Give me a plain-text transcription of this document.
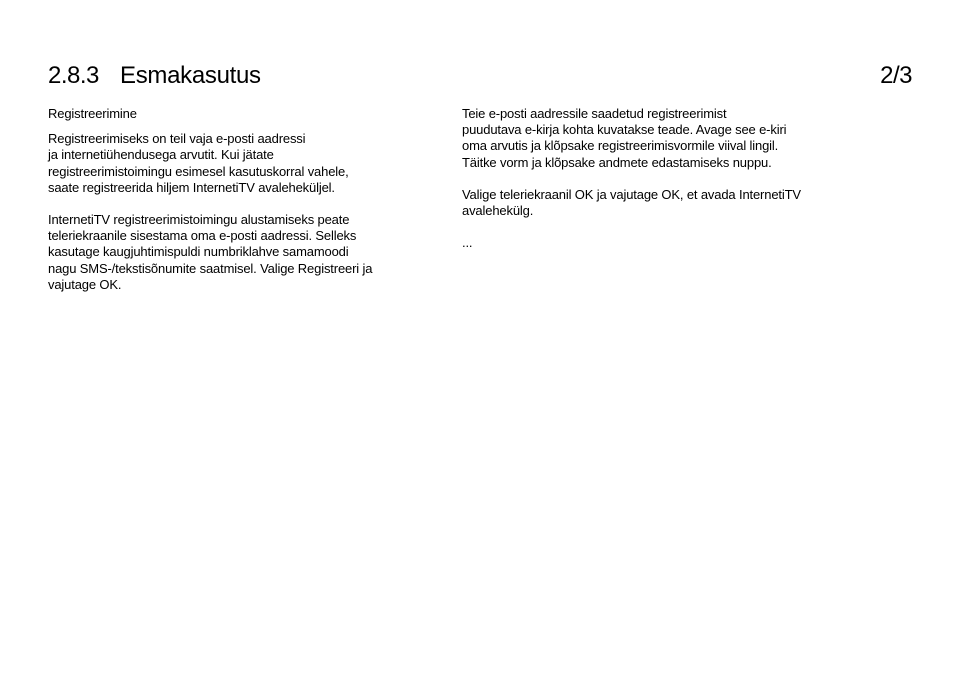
2.8.3 Esmakasutus	2/3

Registreerimine

Registreerimiseks on teil vaja e-posti aadressi
ja internetiühendusega arvutit. Kui jätate
registreerimistoimingu esimesel kasutuskorral vahele,
saate registreerida hiljem InternetiTV avaleheküljel.

InternetiTV registreerimistoimingu alustamiseks peate
teleriekraanile sisestama oma e-posti aadressi. Selleks
kasutage kaugjuhtimispuldi numbriklahve samamoodi
nagu SMS-/tekstisõnumite saatmisel. Valige Registreeri ja
vajutage OK.

Teie e-posti aadressile saadetud registreerimist
puudutava e-kirja kohta kuvatakse teade. Avage see e-kiri
oma arvutis ja klõpsake registreerimisvormile viival lingil.
Täitke vorm ja klõpsake andmete edastamiseks nuppu.

Valige teleriekraanil OK ja vajutage OK, et avada InternetiTV
avalehekülg.

...
